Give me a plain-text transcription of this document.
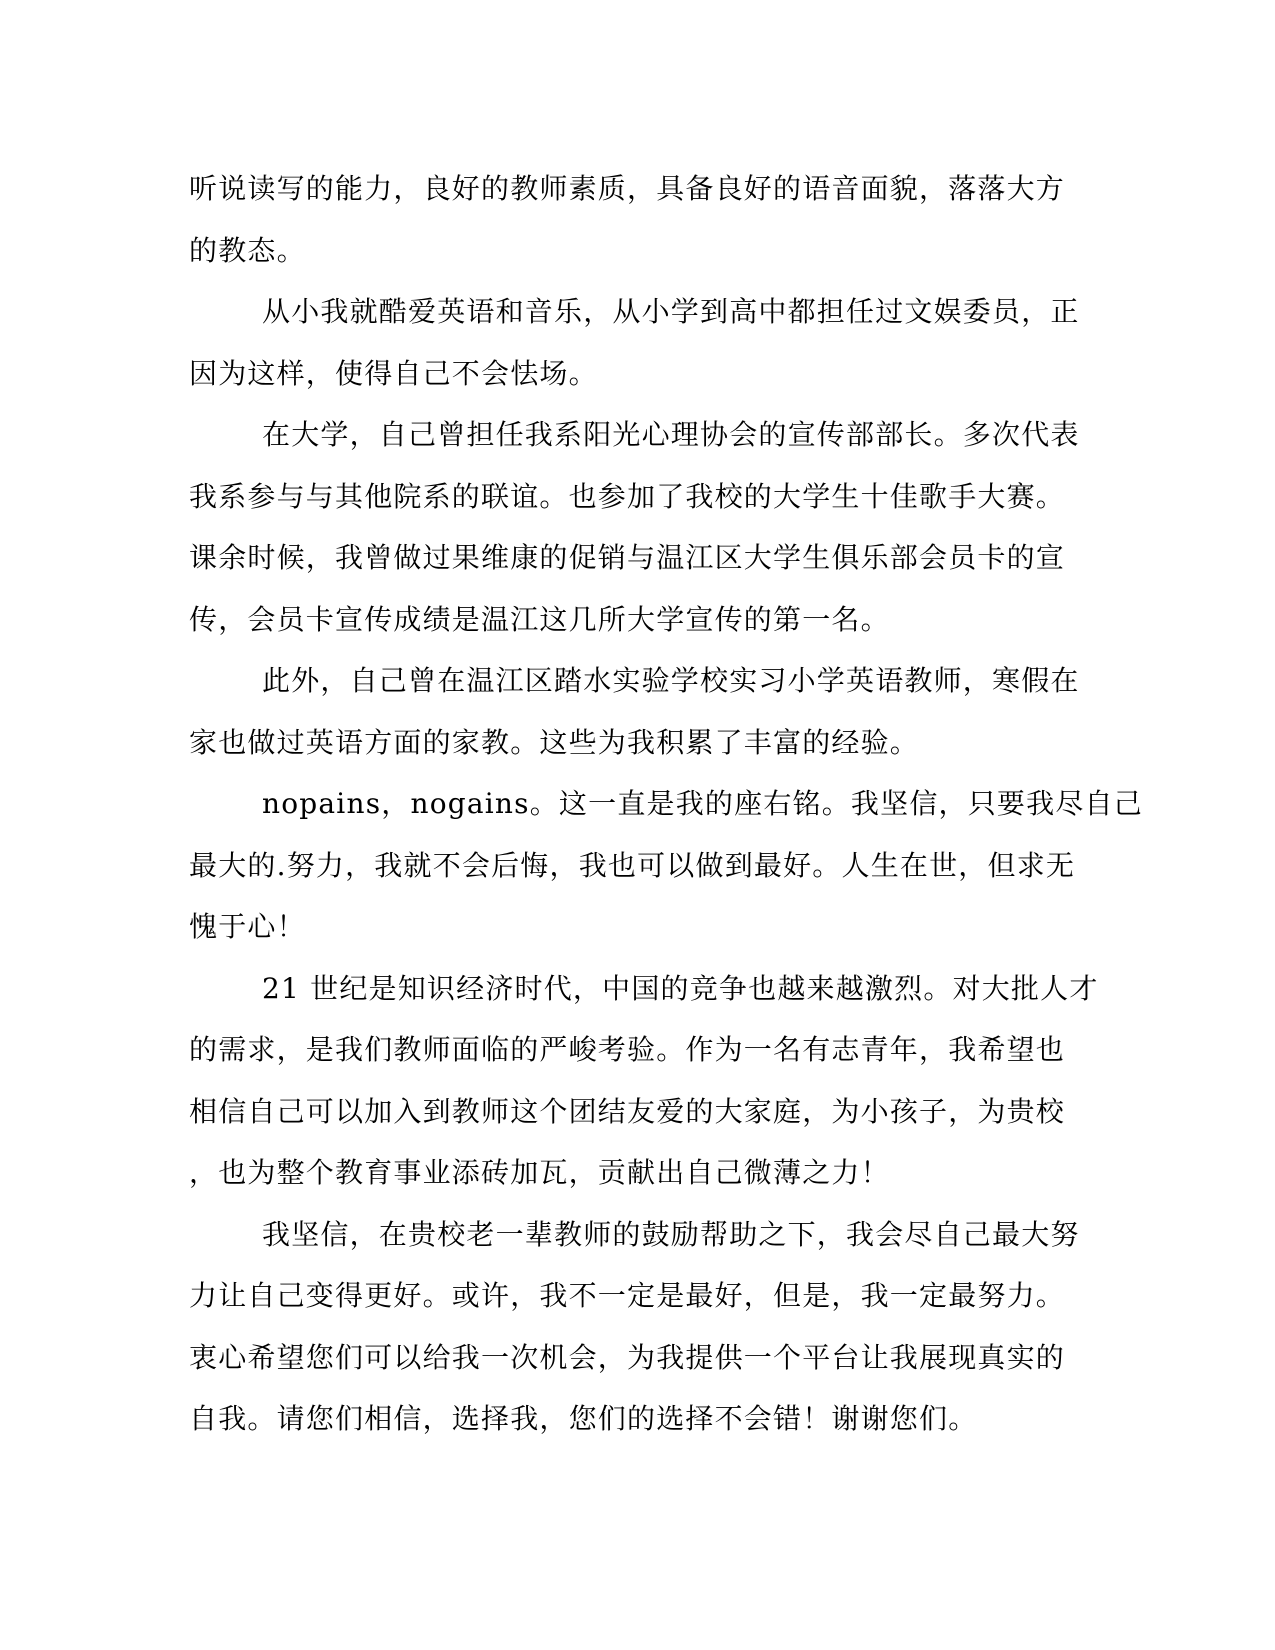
听说读写的能力，良好的教师素质，具备良好的语音面貌，落落大方
的教态。

从小我就酷爱英语和音乐，从小学到高中都担任过文娱委员，正
因为这样，使得自己不会怯场。

在大学，自己曾担任我系阳光心理协会的宣传部部长。多次代表
我系参与与其他院系的联谊。也参加了我校的大学生十佳歌手大赛。
课余时候，我曾做过果维康的促销与温江区大学生俱乐部会员卡的宣
传，会员卡宣传成绩是温江这几所大学宣传的第一名。

此外，自己曾在温江区踏水实验学校实习小学英语教师，寒假在
家也做过英语方面的家教。这些为我积累了丰富的经验。

nopains，nogains。这一直是我的座右铭。我坚信，只要我尽自己
最大的.努力，我就不会后悔，我也可以做到最好。人生在世，但求无
愧于心！

21 世纪是知识经济时代，中国的竞争也越来越激烈。对大批人才
的需求，是我们教师面临的严峻考验。作为一名有志青年，我希望也
相信自己可以加入到教师这个团结友爱的大家庭，为小孩子，为贵校
，也为整个教育事业添砖加瓦，贡献出自己微薄之力！

我坚信，在贵校老一辈教师的鼓励帮助之下，我会尽自己最大努
力让自己变得更好。或许，我不一定是最好，但是，我一定最努力。
衷心希望您们可以给我一次机会，为我提供一个平台让我展现真实的
自我。请您们相信，选择我，您们的选择不会错！谢谢您们。
